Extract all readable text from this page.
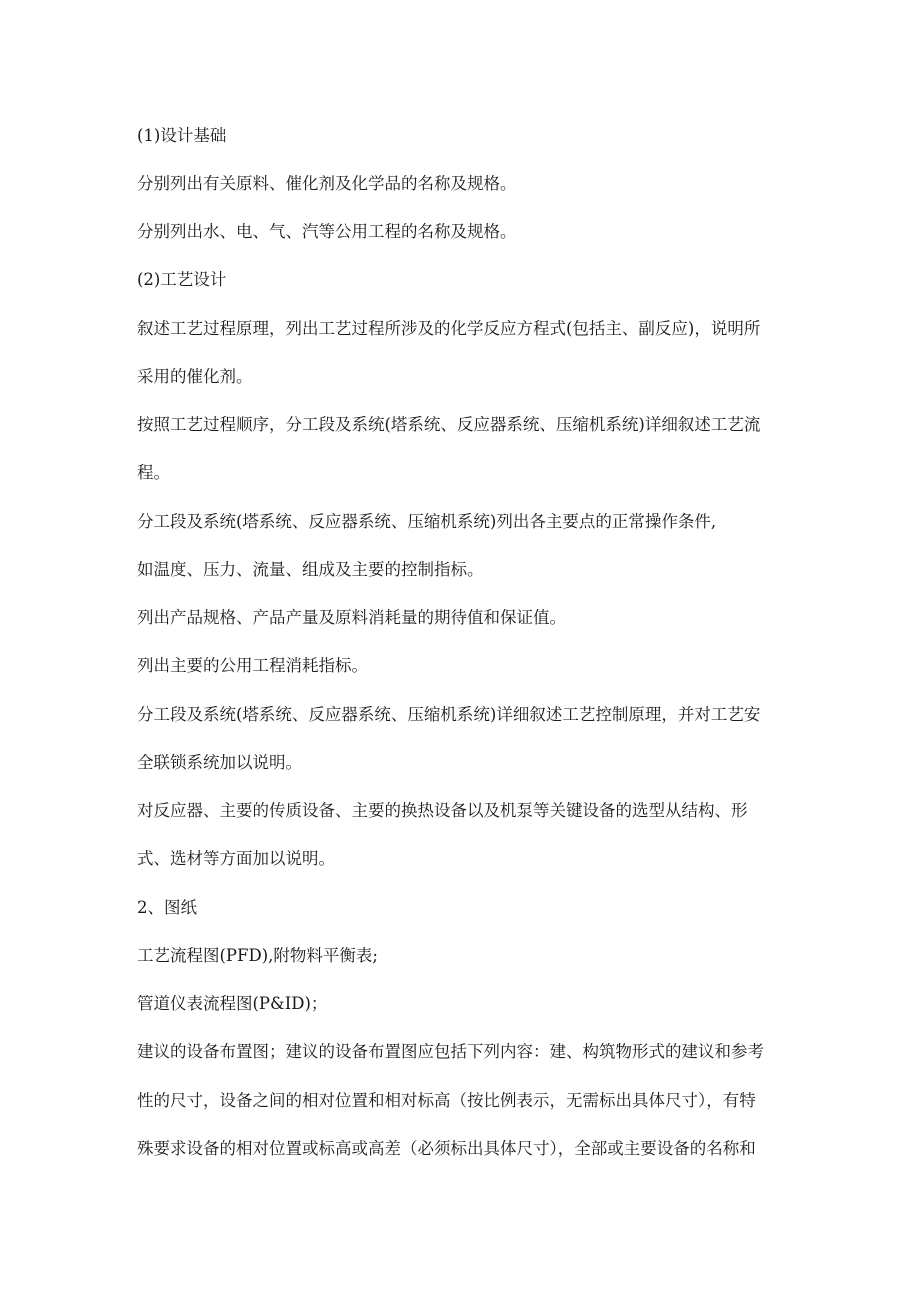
(1)设计基础

分别列出有关原料、催化剂及化学品的名称及规格。

分别列出水、电、气、汽等公用工程的名称及规格。

(2)工艺设计

叙述工艺过程原理，列出工艺过程所涉及的化学反应方程式(包括主、副反应)，说明所

采用的催化剂。

按照工艺过程顺序，分工段及系统(塔系统、反应器系统、压缩机系统)详细叙述工艺流

程。

分工段及系统(塔系统、反应器系统、压缩机系统)列出各主要点的正常操作条件,

如温度、压力、流量、组成及主要的控制指标。

列出产品规格、产品产量及原料消耗量的期待值和保证值。

列出主要的公用工程消耗指标。

分工段及系统(塔系统、反应器系统、压缩机系统)详细叙述工艺控制原理，并对工艺安

全联锁系统加以说明。

对反应器、主要的传质设备、主要的换热设备以及机泵等关键设备的选型从结构、形

式、选材等方面加以说明。

2、图纸

工艺流程图(PFD),附物料平衡表;

管道仪表流程图(P&ID)；

建议的设备布置图；建议的设备布置图应包括下列内容：建、构筑物形式的建议和参考

性的尺寸，设备之间的相对位置和相对标高（按比例表示，无需标出具体尺寸），有特

殊要求设备的相对位置或标高或高差（必须标出具体尺寸），全部或主要设备的名称和
